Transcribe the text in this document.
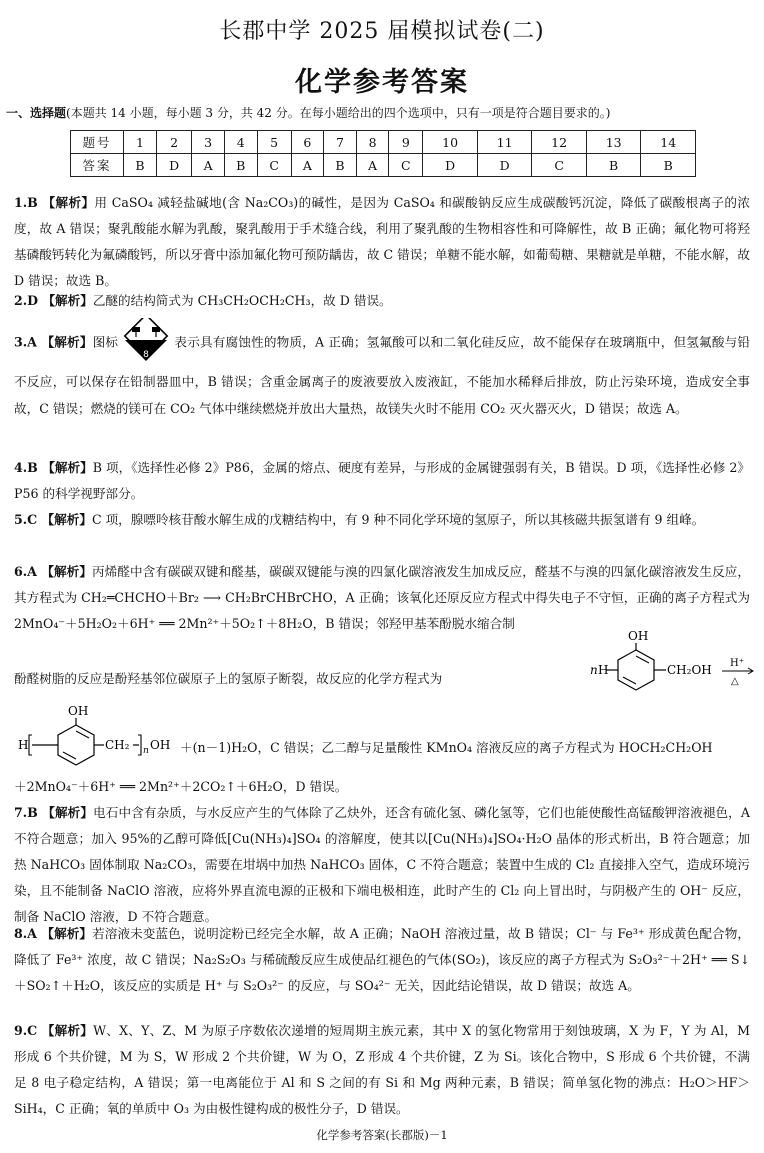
长郡中学 2025 届模拟试卷(二)
化学参考答案
一、选择题(本题共 14 小题，每小题 3 分，共 42 分。在每小题给出的四个选项中，只有一项是符合题目要求的。)
题号	1	2	3	4	5	6	7	8	9	10	11	12	13	14
答案	B	D	A	B	C	A	B	A	C	D	D	C	B	B
1.B 【解析】用 CaSO₄ 减轻盐碱地(含 Na₂CO₃)的碱性，是因为 CaSO₄ 和碳酸钠反应生成碳酸钙沉淀，降低了碳酸根离子的浓度，故 A 错误；聚乳酸能水解为乳酸，聚乳酸用于手术缝合线，利用了聚乳酸的生物相容性和可降解性，故 B 正确；氟化物可将羟基磷酸钙转化为氟磷酸钙，所以牙膏中添加氟化物可预防龋齿，故 C 错误；单糖不能水解，如葡萄糖、果糖就是单糖，不能水解，故 D 错误；故选 B。
2.D 【解析】乙醚的结构简式为 CH₃CH₂OCH₂CH₃，故 D 错误。
3.A 【解析】图标
8
表示具有腐蚀性的物质，A 正确；氢氟酸可以和二氧化硅反应，故不能保存在玻璃瓶中，但氢氟酸与铅不反应，可以保存在铅制器皿中，B 错误；含重金属离子的废液要放入废液缸，不能加水稀释后排放，防止污染环境，造成安全事故，C 错误；燃烧的镁可在 CO₂ 气体中继续燃烧并放出大量热，故镁失火时不能用 CO₂ 灭火器灭火，D 错误；故选 A。
4.B 【解析】B 项，《选择性必修 2》P86，金属的熔点、硬度有差异，与形成的金属键强弱有关，B 错误。D 项，《选择性必修 2》P56 的科学视野部分。
5.C 【解析】C 项，腺嘌呤核苷酸水解生成的戊糖结构中，有 9 种不同化学环境的氢原子，所以其核磁共振氢谱有 9 组峰。
6.A 【解析】丙烯醛中含有碳碳双键和醛基，碳碳双键能与溴的四氯化碳溶液发生加成反应，醛基不与溴的四氯化碳溶液发生反应，其方程式为 CH₂═CHCHO＋Br₂ ⟶ CH₂BrCHBrCHO，A 正确；该氧化还原反应方程式中得失电子不守恒，正确的离子方程式为 2MnO₄⁻＋5H₂O₂＋6H⁺ ══ 2Mn²⁺＋5O₂↑＋8H₂O，B 错误；邻羟甲基苯酚脱水缩合制
酚醛树脂的反应是酚羟基邻位碳原子上的氢原子断裂，故反应的化学方程式为
OH
n H	CH₂OH H⁺
△
OH
H	CH₂ n OH ＋(n－1)H₂O，C 错误；乙二醇与足量酸性 KMnO₄ 溶液反应的离子方程式为 HOCH₂CH₂OH
＋2MnO₄⁻＋6H⁺ ══ 2Mn²⁺＋2CO₂↑＋6H₂O，D 错误。
7.B 【解析】电石中含有杂质，与水反应产生的气体除了乙炔外，还含有硫化氢、磷化氢等，它们也能使酸性高锰酸钾溶液褪色，A 不符合题意；加入 95%的乙醇可降低[Cu(NH₃)₄]SO₄ 的溶解度，使其以[Cu(NH₃)₄]SO₄·H₂O 晶体的形式析出，B 符合题意；加热 NaHCO₃ 固体制取 Na₂CO₃，需要在坩埚中加热 NaHCO₃ 固体，C 不符合题意；装置中生成的 Cl₂ 直接排入空气，造成环境污染，且不能制备 NaClO 溶液，应将外界直流电源的正极和下端电极相连，此时产生的 Cl₂ 向上冒出时，与阴极产生的 OH⁻ 反应，制备 NaClO 溶液，D 不符合题意。
8.A 【解析】若溶液未变蓝色，说明淀粉已经完全水解，故 A 正确；NaOH 溶液过量，故 B 错误；Cl⁻ 与 Fe³⁺ 形成黄色配合物，降低了 Fe³⁺ 浓度，故 C 错误；Na₂S₂O₃ 与稀硫酸反应生成使品红褪色的气体(SO₂)，该反应的离子方程式为 S₂O₃²⁻＋2H⁺ ══ S↓＋SO₂↑＋H₂O，该反应的实质是 H⁺ 与 S₂O₃²⁻ 的反应，与 SO₄²⁻ 无关，因此结论错误，故 D 错误；故选 A。
9.C 【解析】W、X、Y、Z、M 为原子序数依次递增的短周期主族元素，其中 X 的氢化物常用于刻蚀玻璃，X 为 F，Y 为 Al，M 形成 6 个共价键，M 为 S，W 形成 2 个共价键，W 为 O，Z 形成 4 个共价键，Z 为 Si。该化合物中，S 形成 6 个共价键，不满足 8 电子稳定结构，A 错误；第一电离能位于 Al 和 S 之间的有 Si 和 Mg 两种元素，B 错误；简单氢化物的沸点：H₂O＞HF＞SiH₄，C 正确；氧的单质中 O₃ 为由极性键构成的极性分子，D 错误。
化学参考答案(长郡版)－1
